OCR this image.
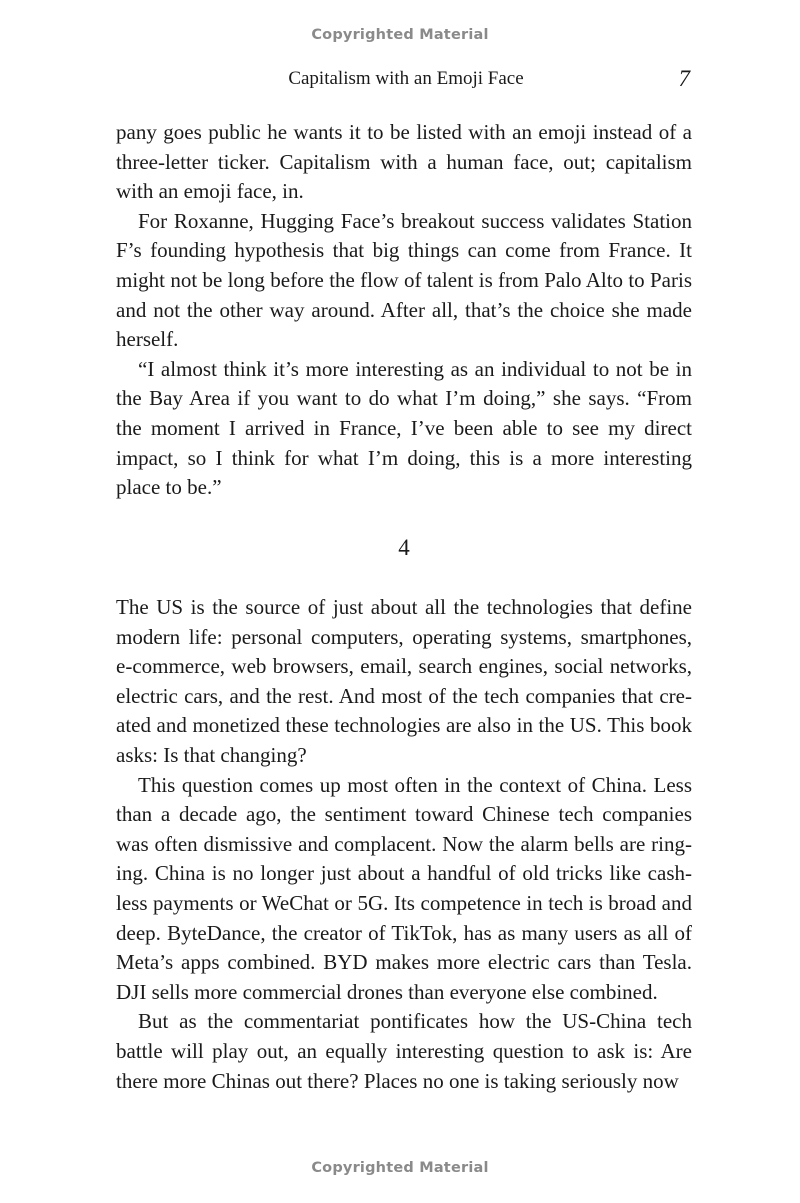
Copyrighted Material
Capitalism with an Emoji Face	7

pany goes public he wants it to be listed with an emoji instead of a three-letter ticker. Capitalism with a human face, out; capitalism with an emoji face, in.

For Roxanne, Hugging Face’s breakout success validates Station F’s founding hypothesis that big things can come from France. It might not be long before the flow of talent is from Palo Alto to Paris and not the other way around. After all, that’s the choice she made herself.

“I almost think it’s more interesting as an individual to not be in the Bay Area if you want to do what I’m doing,” she says. “From the moment I arrived in France, I’ve been able to see my direct impact, so I think for what I’m doing, this is a more interesting place to be.”

4

The US is the source of just about all the technologies that define modern life: personal computers, operating systems, smartphones, e-commerce, web browsers, email, search engines, social networks, electric cars, and the rest. And most of the tech companies that created and monetized these technologies are also in the US. This book asks: Is that changing?

This question comes up most often in the context of China. Less than a decade ago, the sentiment toward Chinese tech companies was often dismissive and complacent. Now the alarm bells are ringing. China is no longer just about a handful of old tricks like cashless payments or WeChat or 5G. Its competence in tech is broad and deep. ByteDance, the creator of TikTok, has as many users as all of Meta’s apps combined. BYD makes more electric cars than Tesla. DJI sells more commercial drones than everyone else combined.

But as the commentariat pontificates how the US-China tech battle will play out, an equally interesting question to ask is: Are there more Chinas out there? Places no one is taking seriously now

Copyrighted Material
